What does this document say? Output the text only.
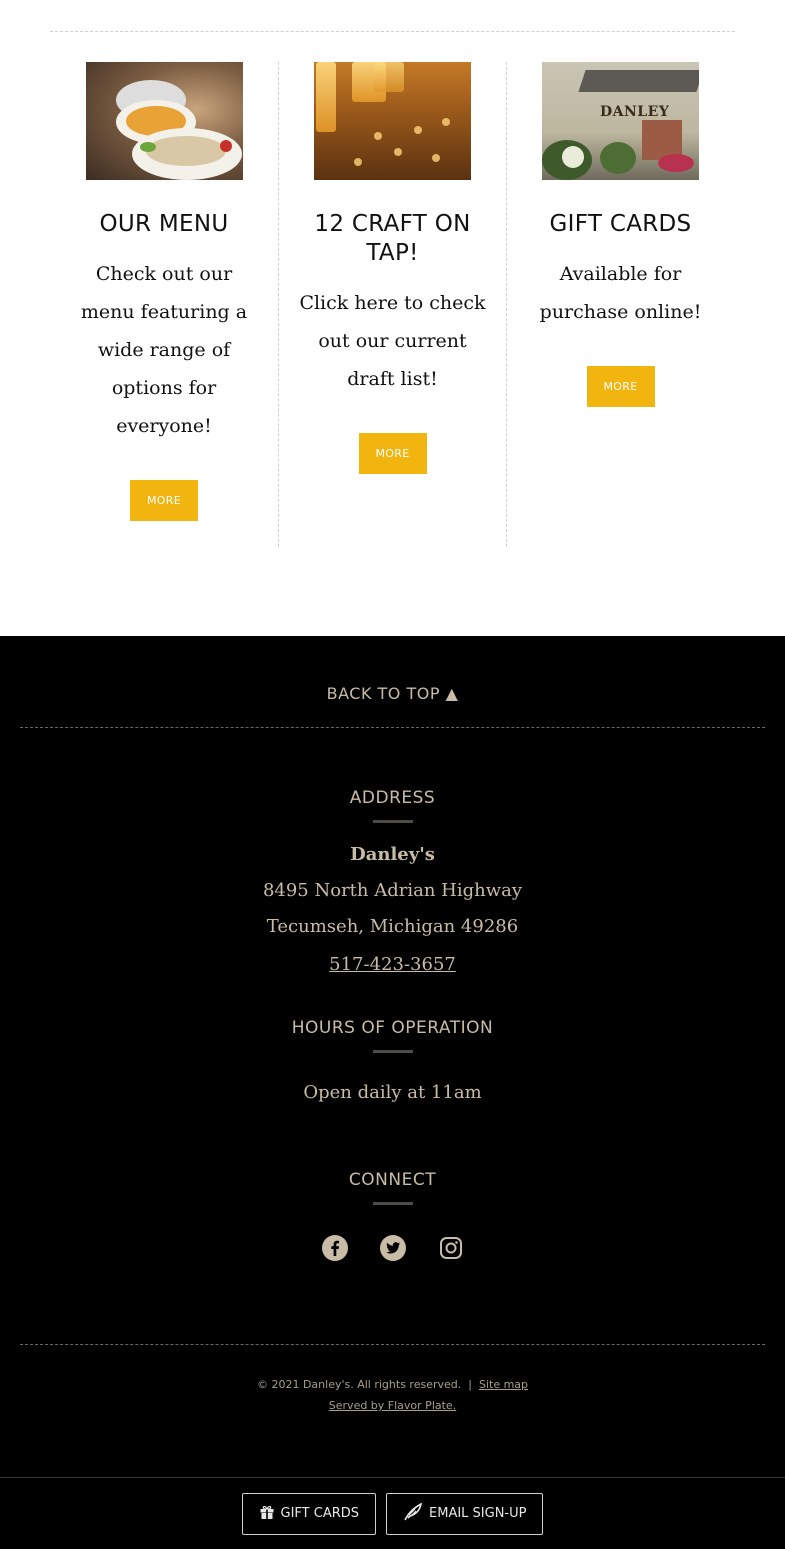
OUR MENU

Check out our menu featuring a wide range of options for everyone!

MORE
12 CRAFT ON TAP!

Click here to check out our current draft list!

MORE
DANLEY
GIFT CARDS

Available for purchase online!

MORE
BACK TO TOP ▲
ADDRESS
Danley's
8495 North Adrian Highway
Tecumseh, Michigan 49286
517-423-3657
HOURS OF OPERATION
Open daily at 11am
CONNECT
© 2021 Danley's. All rights reserved.  |  Site map
Served by Flavor Plate.
GIFT CARDS	EMAIL SIGN-UP
